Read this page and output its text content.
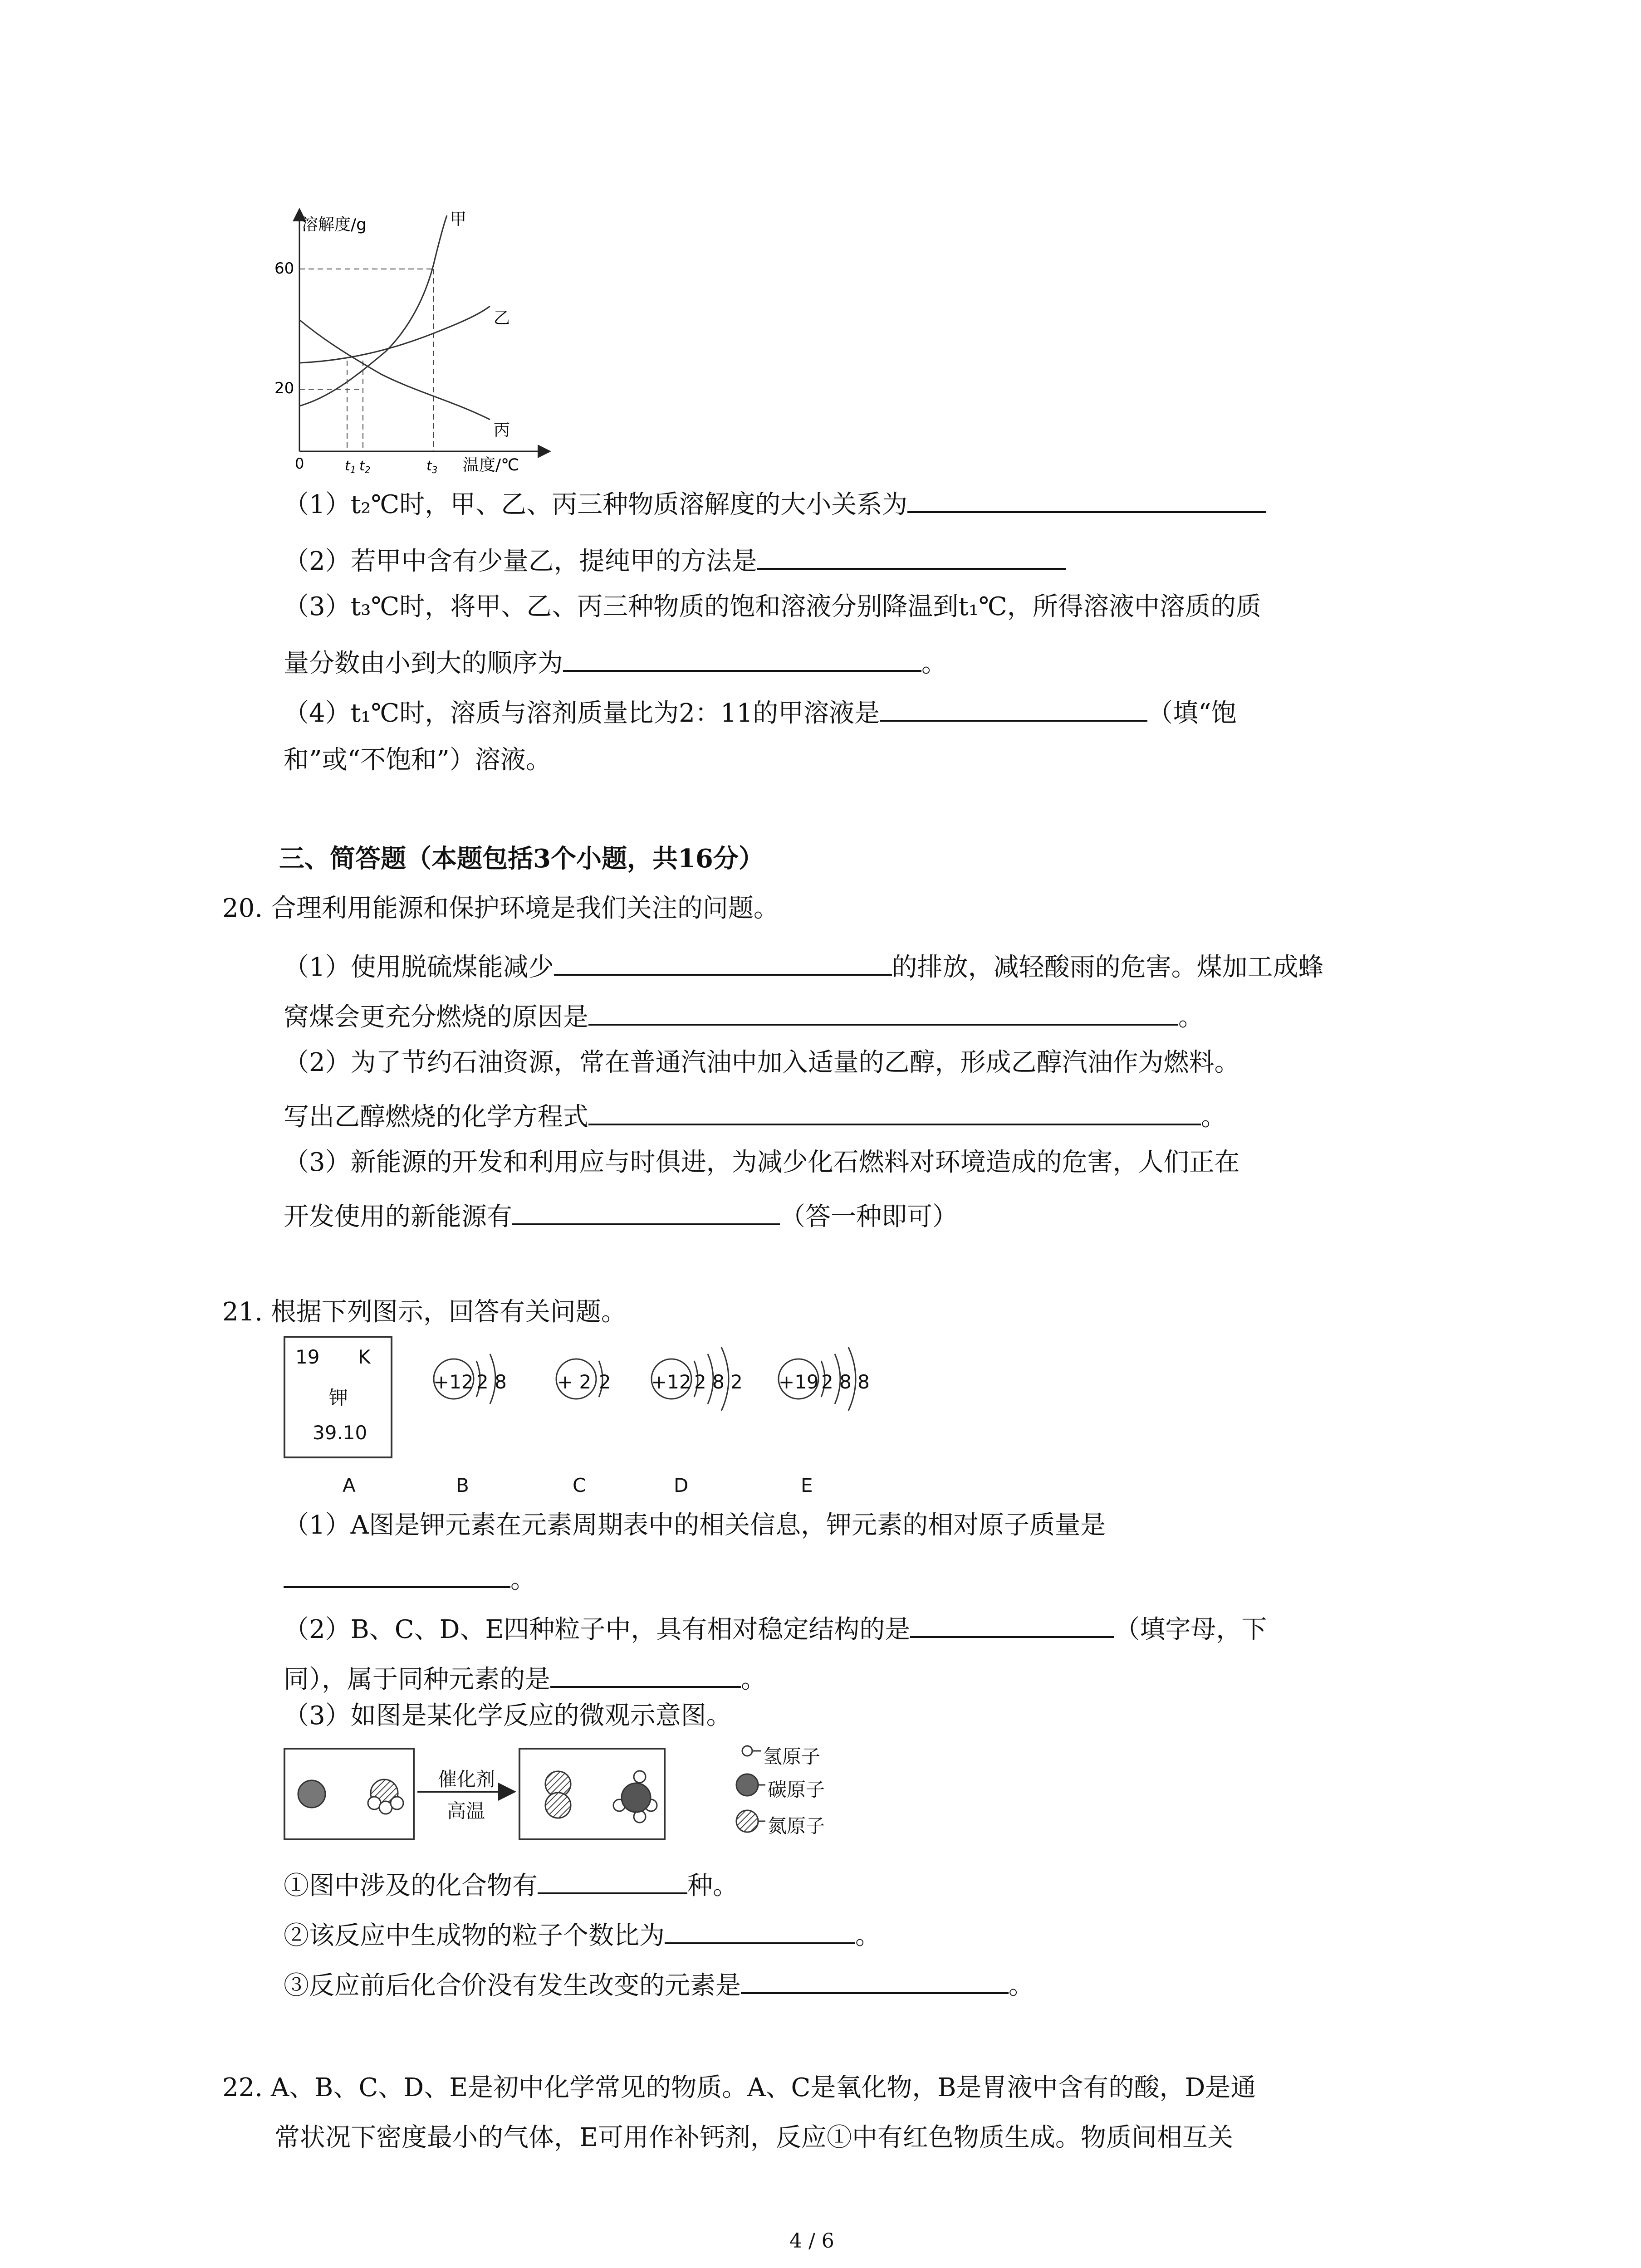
溶解度/g
温度/℃
60
20
0	$t_1$ $t_2$	$t_3$
甲
乙
丙
（1）t₂℃时，甲、乙、丙三种物质溶解度的大小关系为
（2）若甲中含有少量乙，提纯甲的方法是
（3）t₃℃时，将甲、乙、丙三种物质的饱和溶液分别降温到t₁℃，所得溶液中溶质的质
量分数由小到大的顺序为	。
（4）t₁℃时，溶质与溶剂质量比为2：11的甲溶液是	（填“饱
和”或“不饱和”）溶液。
三、简答题（本题包括3个小题，共16分）
20. 合理利用能源和保护环境是我们关注的问题。
（1）使用脱硫煤能减少	的排放，减轻酸雨的危害。煤加工成蜂
窝煤会更充分燃烧的原因是	。
（2）为了节约石油资源，常在普通汽油中加入适量的乙醇，形成乙醇汽油作为燃料。
写出乙醇燃烧的化学方程式	。
（3）新能源的开发和利用应与时俱进，为减少化石燃料对环境造成的危害，人们正在
开发使用的新能源有	（答一种即可）
21. 根据下列图示，回答有关问题。
19 K
钾
39.10
+12 2 8	+ 2 2 +12 2 8 2 +19 2 8 8
A	B	C	D	E
（1）A图是钾元素在元素周期表中的相关信息，钾元素的相对原子质量是
。
（2）B、C、D、E四种粒子中，具有相对稳定结构的是	（填字母，下
同），属于同种元素的是	。
（3）如图是某化学反应的微观示意图。
催化剂
高温
氢原子
碳原子
氮原子
①图中涉及的化合物有	种。
②该反应中生成物的粒子个数比为	。
③反应前后化合价没有发生改变的元素是	。
22. A、B、C、D、E是初中化学常见的物质。A、C是氧化物，B是胃液中含有的酸，D是通
常状况下密度最小的气体，E可用作补钙剂，反应①中有红色物质生成。物质间相互关
4 / 6
